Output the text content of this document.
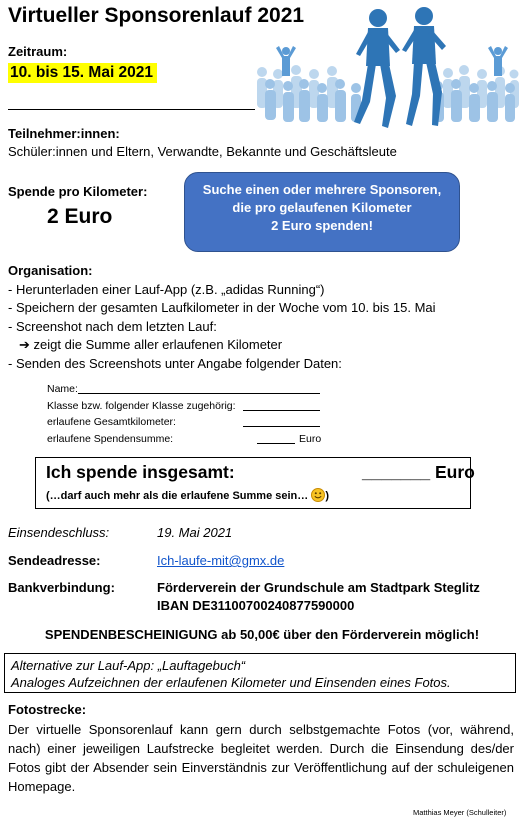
Virtueller Sponsorenlauf 2021
Zeitraum:
10. bis 15. Mai 2021
Teilnehmer:innen:
Schüler:innen und Eltern, Verwandte, Bekannte und Geschäftsleute
Spende pro Kilometer:
2 Euro
Suche einen oder mehrere Sponsoren,
die pro gelaufenen Kilometer
2 Euro spenden!
Organisation:
- Herunterladen einer Lauf-App (z.B. „adidas Running“)
- Speichern der gesamten Laufkilometer in der Woche vom 10. bis 15. Mai
- Screenshot nach dem letzten Lauf:
➔ zeigt die Summe aller erlaufenen Kilometer
- Senden des Screenshots unter Angabe folgender Daten:
Name:
Klasse bzw. folgender Klasse zugehörig:
erlaufene Gesamtkilometer:
erlaufene Spendensumme:	Euro
Ich spende insgesamt:	_______ Euro
(…darf auch mehr als die erlaufene Summe sein…
)
Einsendeschluss:	19. Mai 2021
Sendeadresse:	Ich-laufe-mit@gmx.de
Bankverbindung:	Förderverein der Grundschule am Stadtpark Steglitz
IBAN DE31100700240877590000
SPENDENBESCHEINIGUNG ab 50,00€ über den Förderverein möglich!
Alternative zur Lauf-App: „Lauftagebuch“
Analoges Aufzeichnen der erlaufenen Kilometer und Einsenden eines Fotos.
Fotostrecke:
Der virtuelle Sponsorenlauf kann gern durch selbstgemachte Fotos (vor, während, nach) einer jeweiligen Laufstrecke begleitet werden. Durch die Einsendung des/der Fotos gibt der Absender sein Einverständnis zur Veröffentlichung auf der schuleigenen Homepage.
Matthias Meyer (Schulleiter)
